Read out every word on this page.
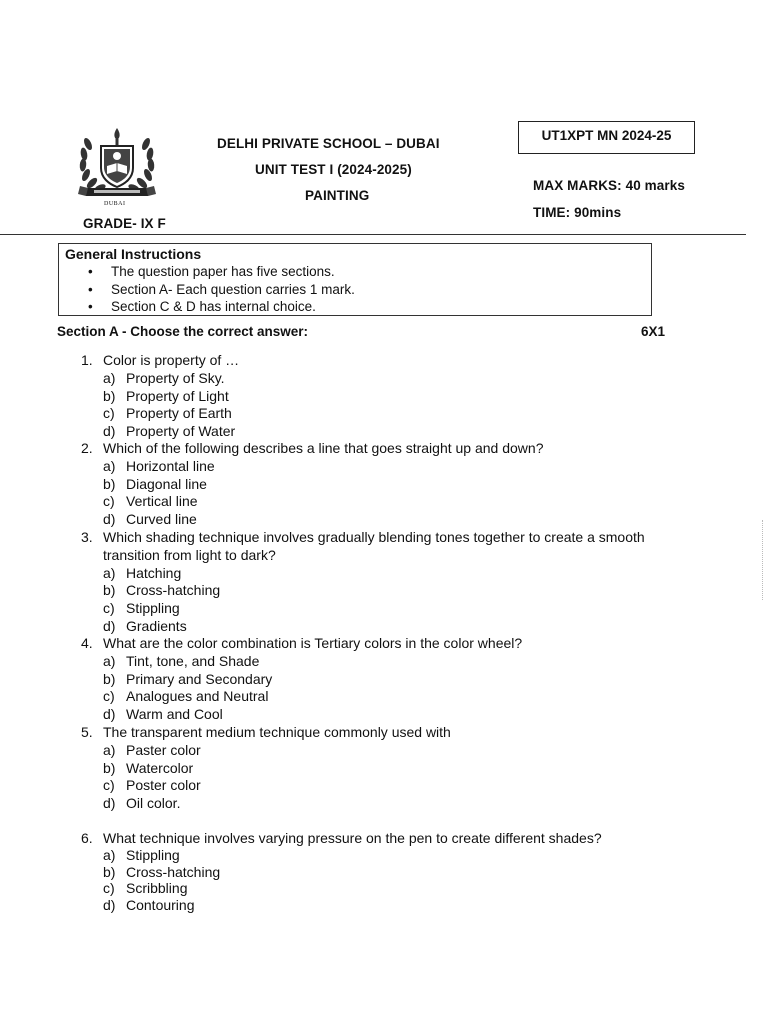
DUBAI
DELHI PRIVATE SCHOOL – DUBAI
UNIT TEST I (2024-2025)
PAINTING
UT1XPT MN 2024-25
MAX MARKS: 40 marks
TIME: 90mins
GRADE- IX F
General Instructions
• The question paper has five sections.
• Section A- Each question carries 1 mark.
• Section C & D has internal choice.
Section A - Choose the correct answer:	6X1
1. Color is property of …
a) Property of Sky.
b) Property of Light
c) Property of Earth
d) Property of Water
2. Which of the following describes a line that goes straight up and down?
a) Horizontal line
b) Diagonal line
c) Vertical line
d) Curved line
3. Which shading technique involves gradually blending tones together to create a smooth
transition from light to dark?
a) Hatching
b) Cross-hatching
c) Stippling
d) Gradients
4. What are the color combination is Tertiary colors in the color wheel?
a) Tint, tone, and Shade
b) Primary and Secondary
c) Analogues and Neutral
d) Warm and Cool
5. The transparent medium technique commonly used with
a) Paster color
b) Watercolor
c) Poster color
d) Oil color.
6. What technique involves varying pressure on the pen to create different shades?
a) Stippling
b) Cross-hatching
c) Scribbling
d) Contouring
